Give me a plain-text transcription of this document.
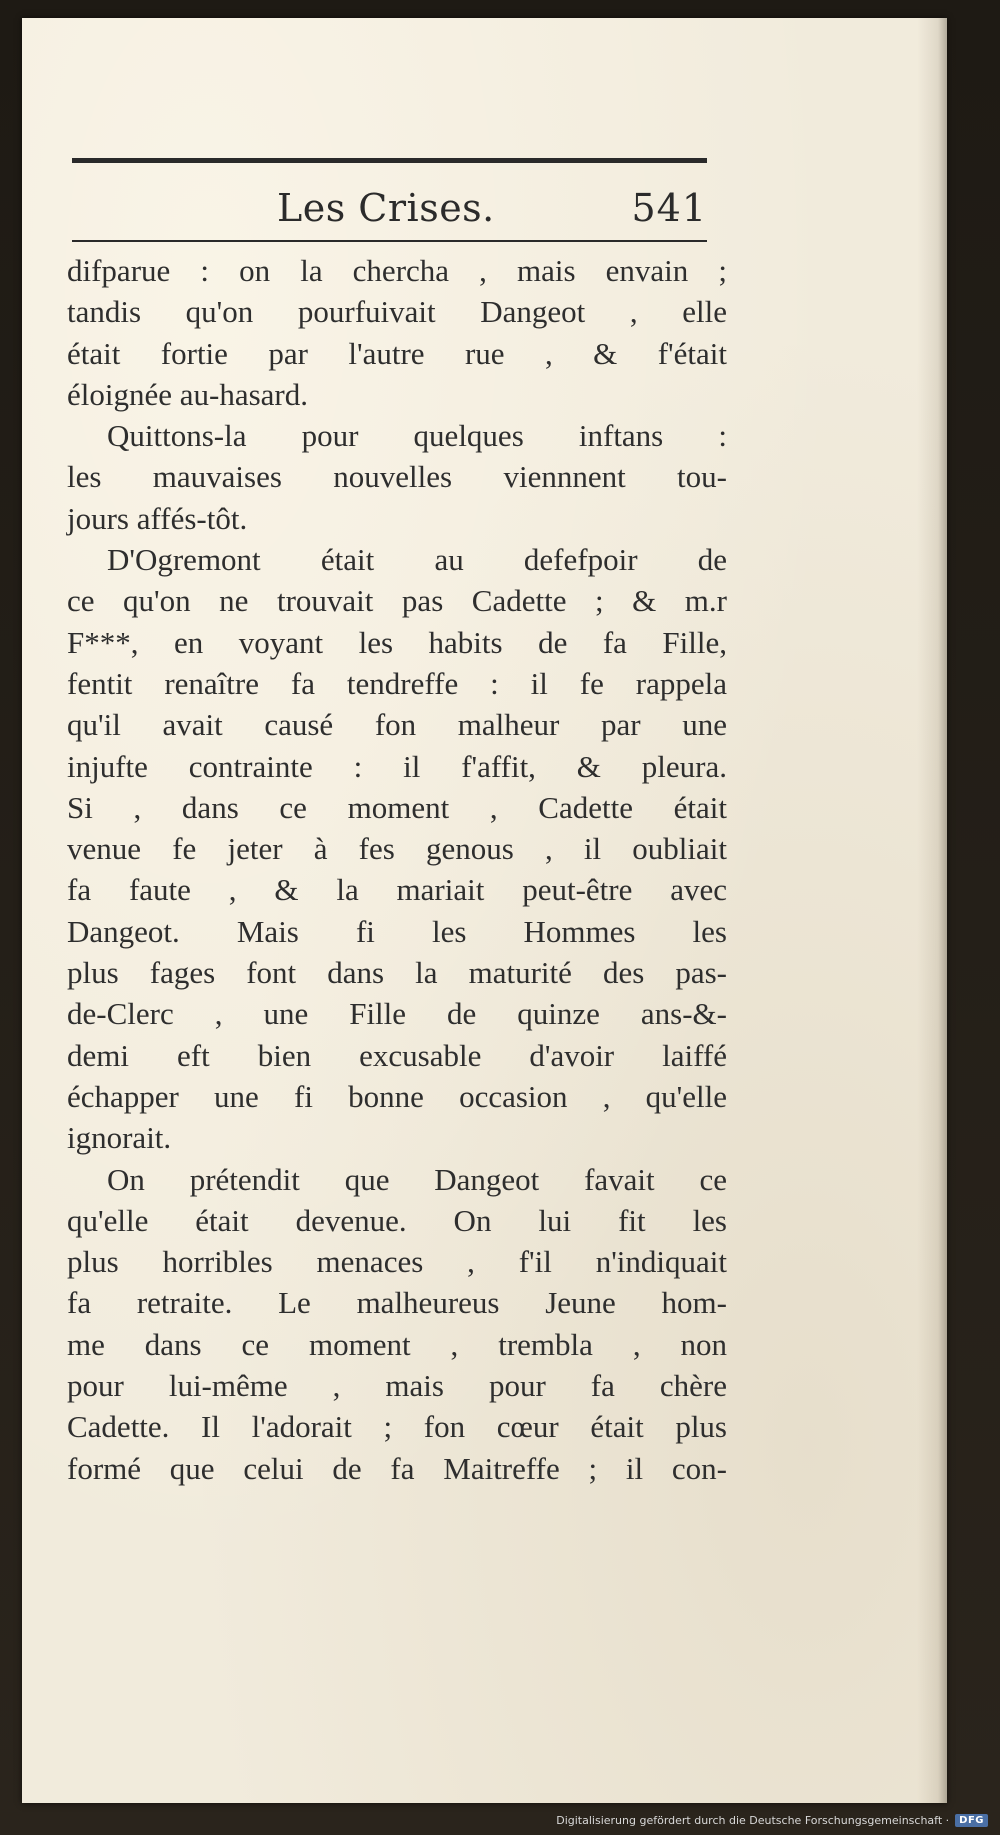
Les Crises.	541
difparue : on la chercha , mais envain ;
tandis qu'on pourfuivait Dangeot , elle
était fortie par l'autre rue , & f'était
éloignée au-hasard.
Quittons-la pour quelques inftans :
les mauvaises nouvelles viennnent tou-
jours affés-tôt.
D'Ogremont était au defefpoir de
ce qu'on ne trouvait pas Cadette ; & m.r
F***, en voyant les habits de fa Fille,
fentit renaître fa tendreffe : il fe rappela
qu'il avait causé fon malheur par une
injufte contrainte : il f'affit, & pleura.
Si , dans ce moment , Cadette était
venue fe jeter à fes genous , il oubliait
fa faute , & la mariait peut-être avec
Dangeot. Mais fi les Hommes les
plus fages font dans la maturité des pas-
de-Clerc , une Fille de quinze ans-&-
demi eft bien excusable d'avoir laiffé
échapper une fi bonne occasion , qu'elle
ignorait.
On prétendit que Dangeot favait ce
qu'elle était devenue. On lui fit les
plus horribles menaces , f'il n'indiquait
fa retraite. Le malheureus Jeune hom-
me dans ce moment , trembla , non
pour lui-même , mais pour fa chère
Cadette. Il l'adorait ; fon cœur était plus
formé que celui de fa Maitreffe ; il con-
Digitalisierung gefördert durch die Deutsche Forschungsgemeinschaft ·	DFG
